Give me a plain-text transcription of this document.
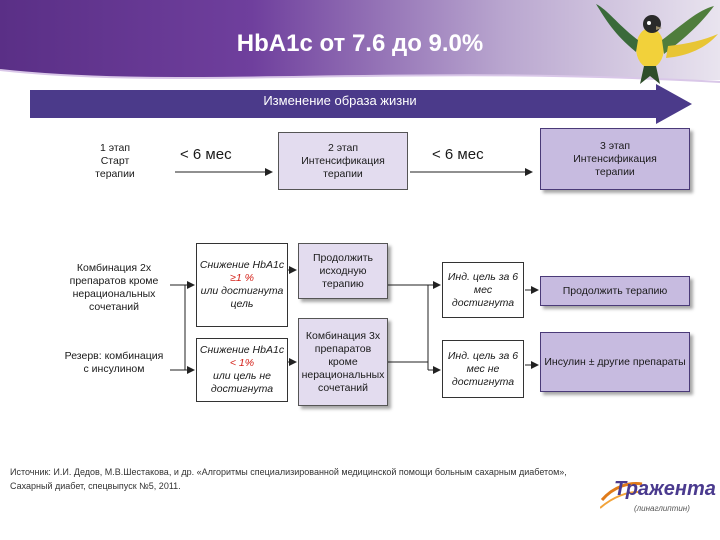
HbA1c от 7.6 до 9.0%
Изменение образа жизни
1 этап
Старт
терапии
< 6 мес	2 этап
Интенсификация
терапии
< 6 мес
3 этап
Интенсификация
терапии
Комбинация 2х препаратов кроме нерациональных сочетаний
Резерв: комбинация с инсулином
Снижение HbA1c
≥1 %
или достигнута цель
Снижение HbA1c
< 1%
или цель не достигнута
Продолжить исходную терапию
Комбинация 3х препаратов кроме нерациональных сочетаний
Инд. цель за 6 мес достигнута
Инд. цель за 6 мес не достигнута
Продолжить терапию
Инсулин ± другие препараты
Источник: И.И. Дедов, М.В.Шестакова, и др. «Алгоритмы специализированной медицинской помощи больным сахарным диабетом», Сахарный диабет, спецвыпуск №5, 2011.	Тражента
(линаглиптин)
